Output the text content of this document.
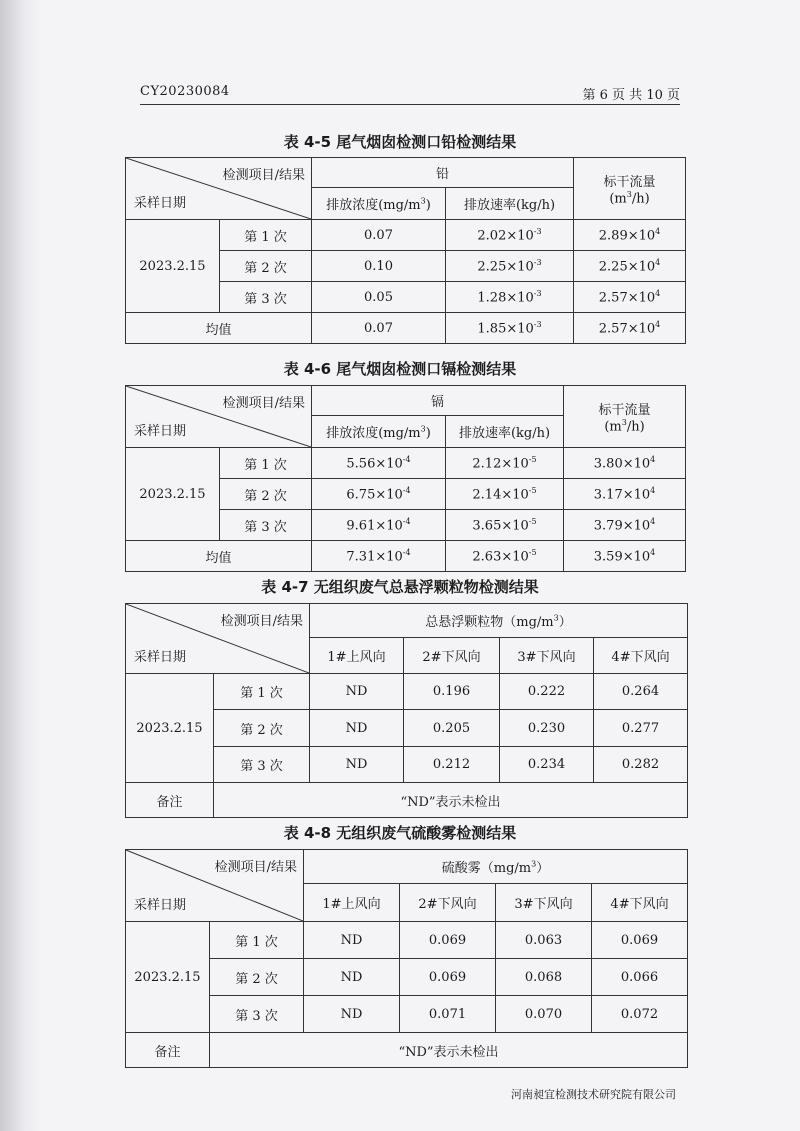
CY20230084	第 6 页 共 10 页
表 4-5 尾气烟囱检测口铅检测结果
检测项目/结果
采样日期		铅		标干流量
$(m^3/h)$
		排放浓度$(mg/m^3)$	排放速率(kg/h)	
2023.2.15	第 1 次	0.07	$2.02\times 10^{-3}$	$2.89\times 10^4$
	第 2 次	0.10	$2.25\times 10^{-3}$	$2.25\times 10^4$
	第 3 次	0.05	$1.28\times 10^{-3}$	$2.57\times 10^4$
均值		0.07	$1.85\times 10^{-3}$	$2.57\times 10^4$
表 4-6 尾气烟囱检测口镉检测结果
检测项目/结果
采样日期		镉		标干流量
$(m^3/h)$
		排放浓度$(mg/m^3)$	排放速率(kg/h)	
2023.2.15	第 1 次	$5.56\times 10^{-4}$	$2.12\times 10^{-5}$	$3.80\times 10^4$
	第 2 次	$6.75\times 10^{-4}$	$2.14\times 10^{-5}$	$3.17\times 10^4$
	第 3 次	$9.61\times 10^{-4}$	$3.65\times 10^{-5}$	$3.79\times 10^4$
均值		$7.31\times 10^{-4}$	$2.63\times 10^{-5}$	$3.59\times 10^4$
表 4-7 无组织废气总悬浮颗粒物检测结果
检测项目/结果
采样日期		总悬浮颗粒物$(mg/m^3)$			
		1#上风向	2#下风向	3#下风向	4#下风向
2023.2.15	第 1 次	ND	0.196	0.222	0.264
	第 2 次	ND	0.205	0.230	0.277
	第 3 次	ND	0.212	0.234	0.282
备注	“ND”表示未检出				
表 4-8 无组织废气硫酸雾检测结果
检测项目/结果
采样日期		硫酸雾$(mg/m^3)$			
		1#上风向	2#下风向	3#下风向	4#下风向
2023.2.15	第 1 次	ND	0.069	0.063	0.069
	第 2 次	ND	0.069	0.068	0.066
	第 3 次	ND	0.071	0.070	0.072
备注	“ND”表示未检出				
河南昶宜检测技术研究院有限公司
